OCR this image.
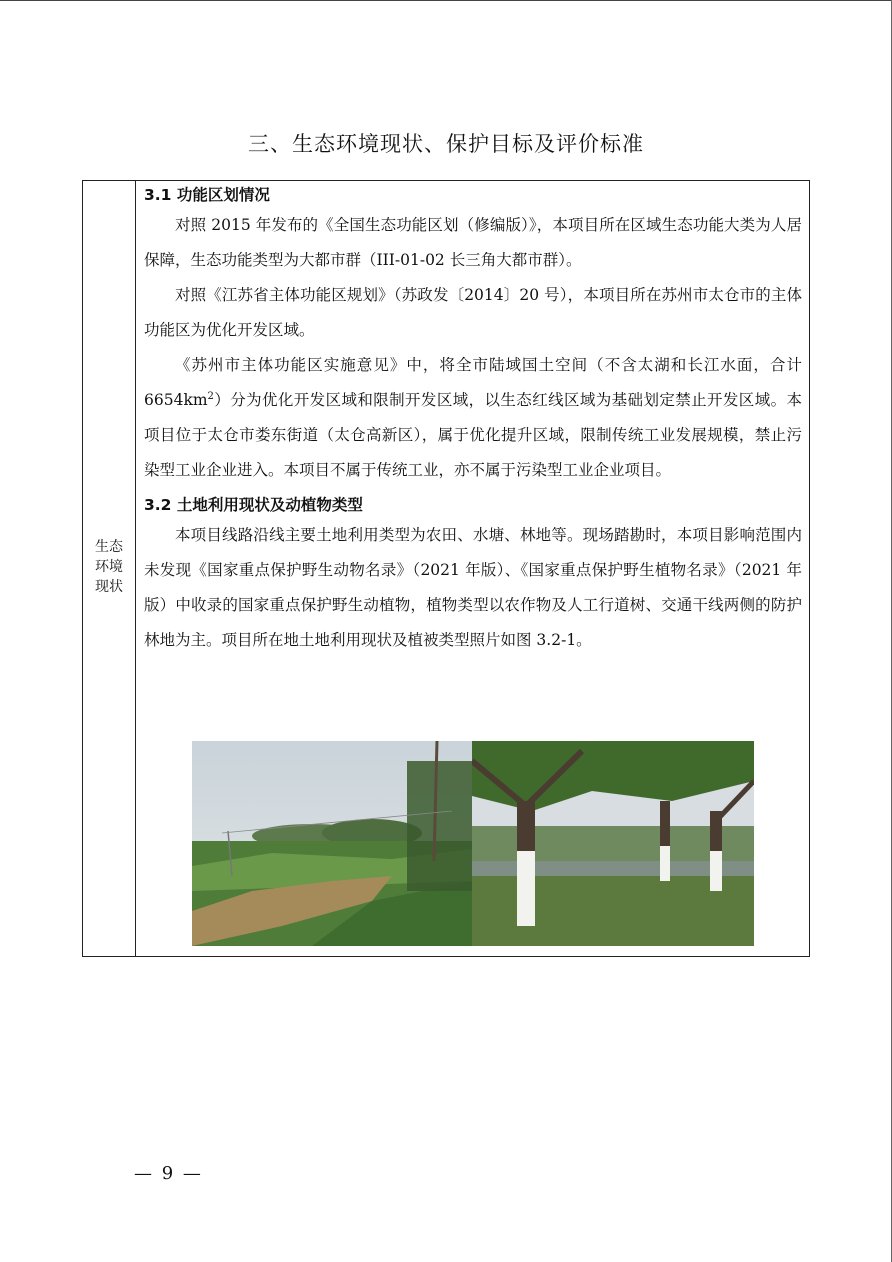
三、生态环境现状、保护目标及评价标准
生态
环境
现状
3.1 功能区划情况

对照 2015 年发布的《全国生态功能区划（修编版）》，本项目所在区域生态功能大类为人居保障，生态功能类型为大都市群（III-01-02 长三角大都市群）。

对照《江苏省主体功能区规划》（苏政发〔2014〕20 号），本项目所在苏州市太仓市的主体功能区为优化开发区域。

《苏州市主体功能区实施意见》中，将全市陆域国土空间（不含太湖和长江水面，合计 $6654km^2$）分为优化开发区域和限制开发区域，以生态红线区域为基础划定禁止开发区域。本项目位于太仓市娄东街道（太仓高新区），属于优化提升区域，限制传统工业发展规模，禁止污染型工业企业进入。本项目不属于传统工业，亦不属于污染型工业企业项目。

3.2 土地利用现状及动植物类型

本项目线路沿线主要土地利用类型为农田、水塘、林地等。现场踏勘时，本项目影响范围内未发现《国家重点保护野生动物名录》（2021 年版）、《国家重点保护野生植物名录》（2021 年版）中收录的国家重点保护野生动植物，植物类型以农作物及人工行道树、交通干线两侧的防护林地为主。项目所在地土地利用现状及植被类型照片如图 3.2-1。

— 9 —
